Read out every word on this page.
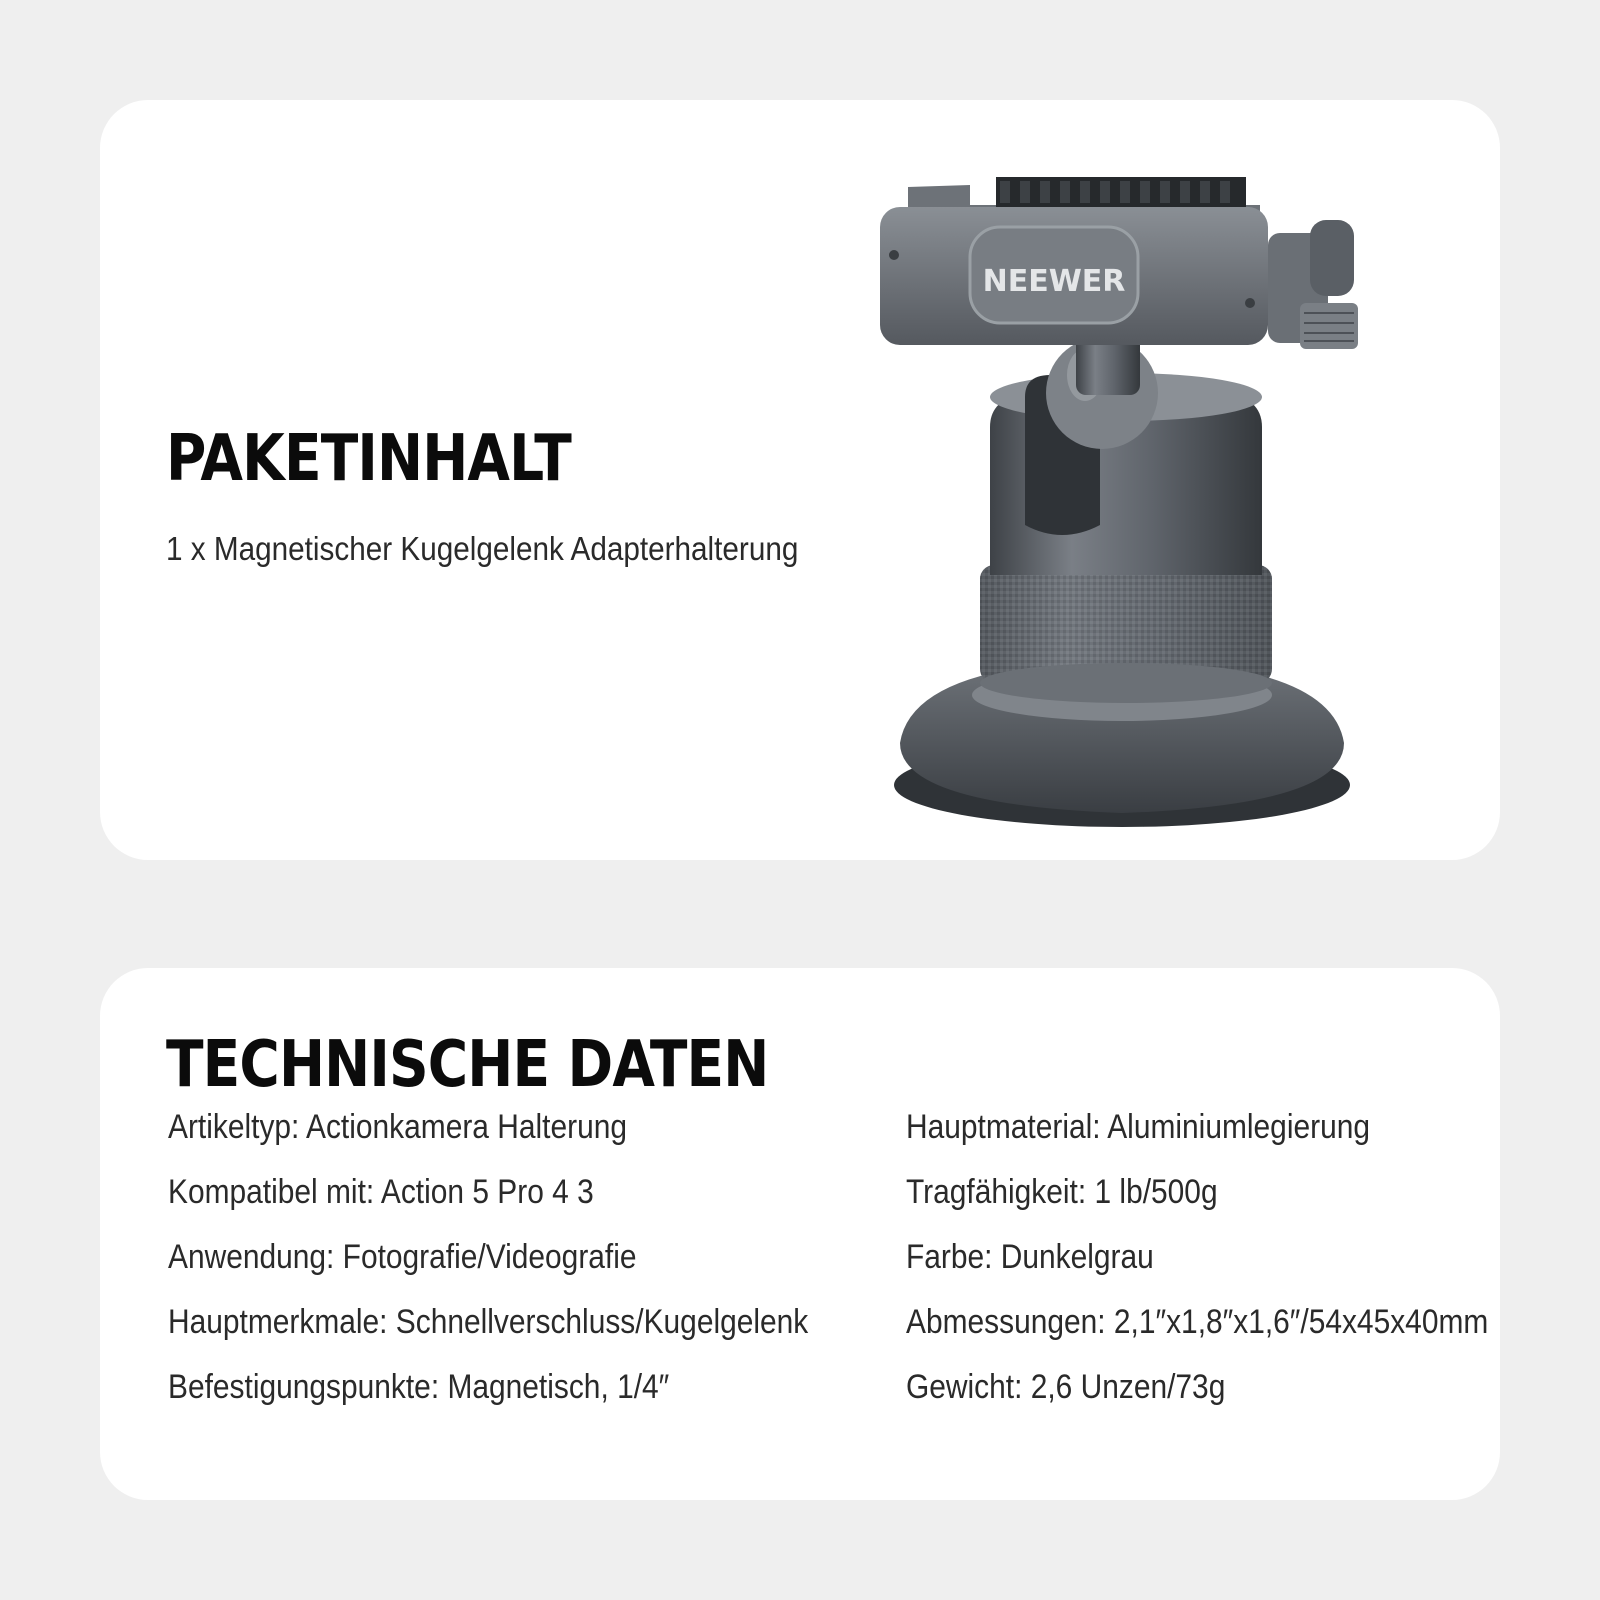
PAKETINHALT
1 x Magnetischer Kugelgelenk Adapterhalterung
NEEWER
TECHNISCHE DATEN
Artikeltyp: Actionkamera Halterung
Kompatibel mit: Action 5 Pro 4 3
Anwendung: Fotografie/Videografie
Hauptmerkmale: Schnellverschluss/Kugelgelenk
Befestigungspunkte: Magnetisch, 1/4″
Hauptmaterial: Aluminiumlegierung
Tragfähigkeit: 1 lb/500g
Farbe: Dunkelgrau
Abmessungen: 2,1″x1,8″x1,6″/54x45x40mm
Gewicht: 2,6 Unzen/73g
